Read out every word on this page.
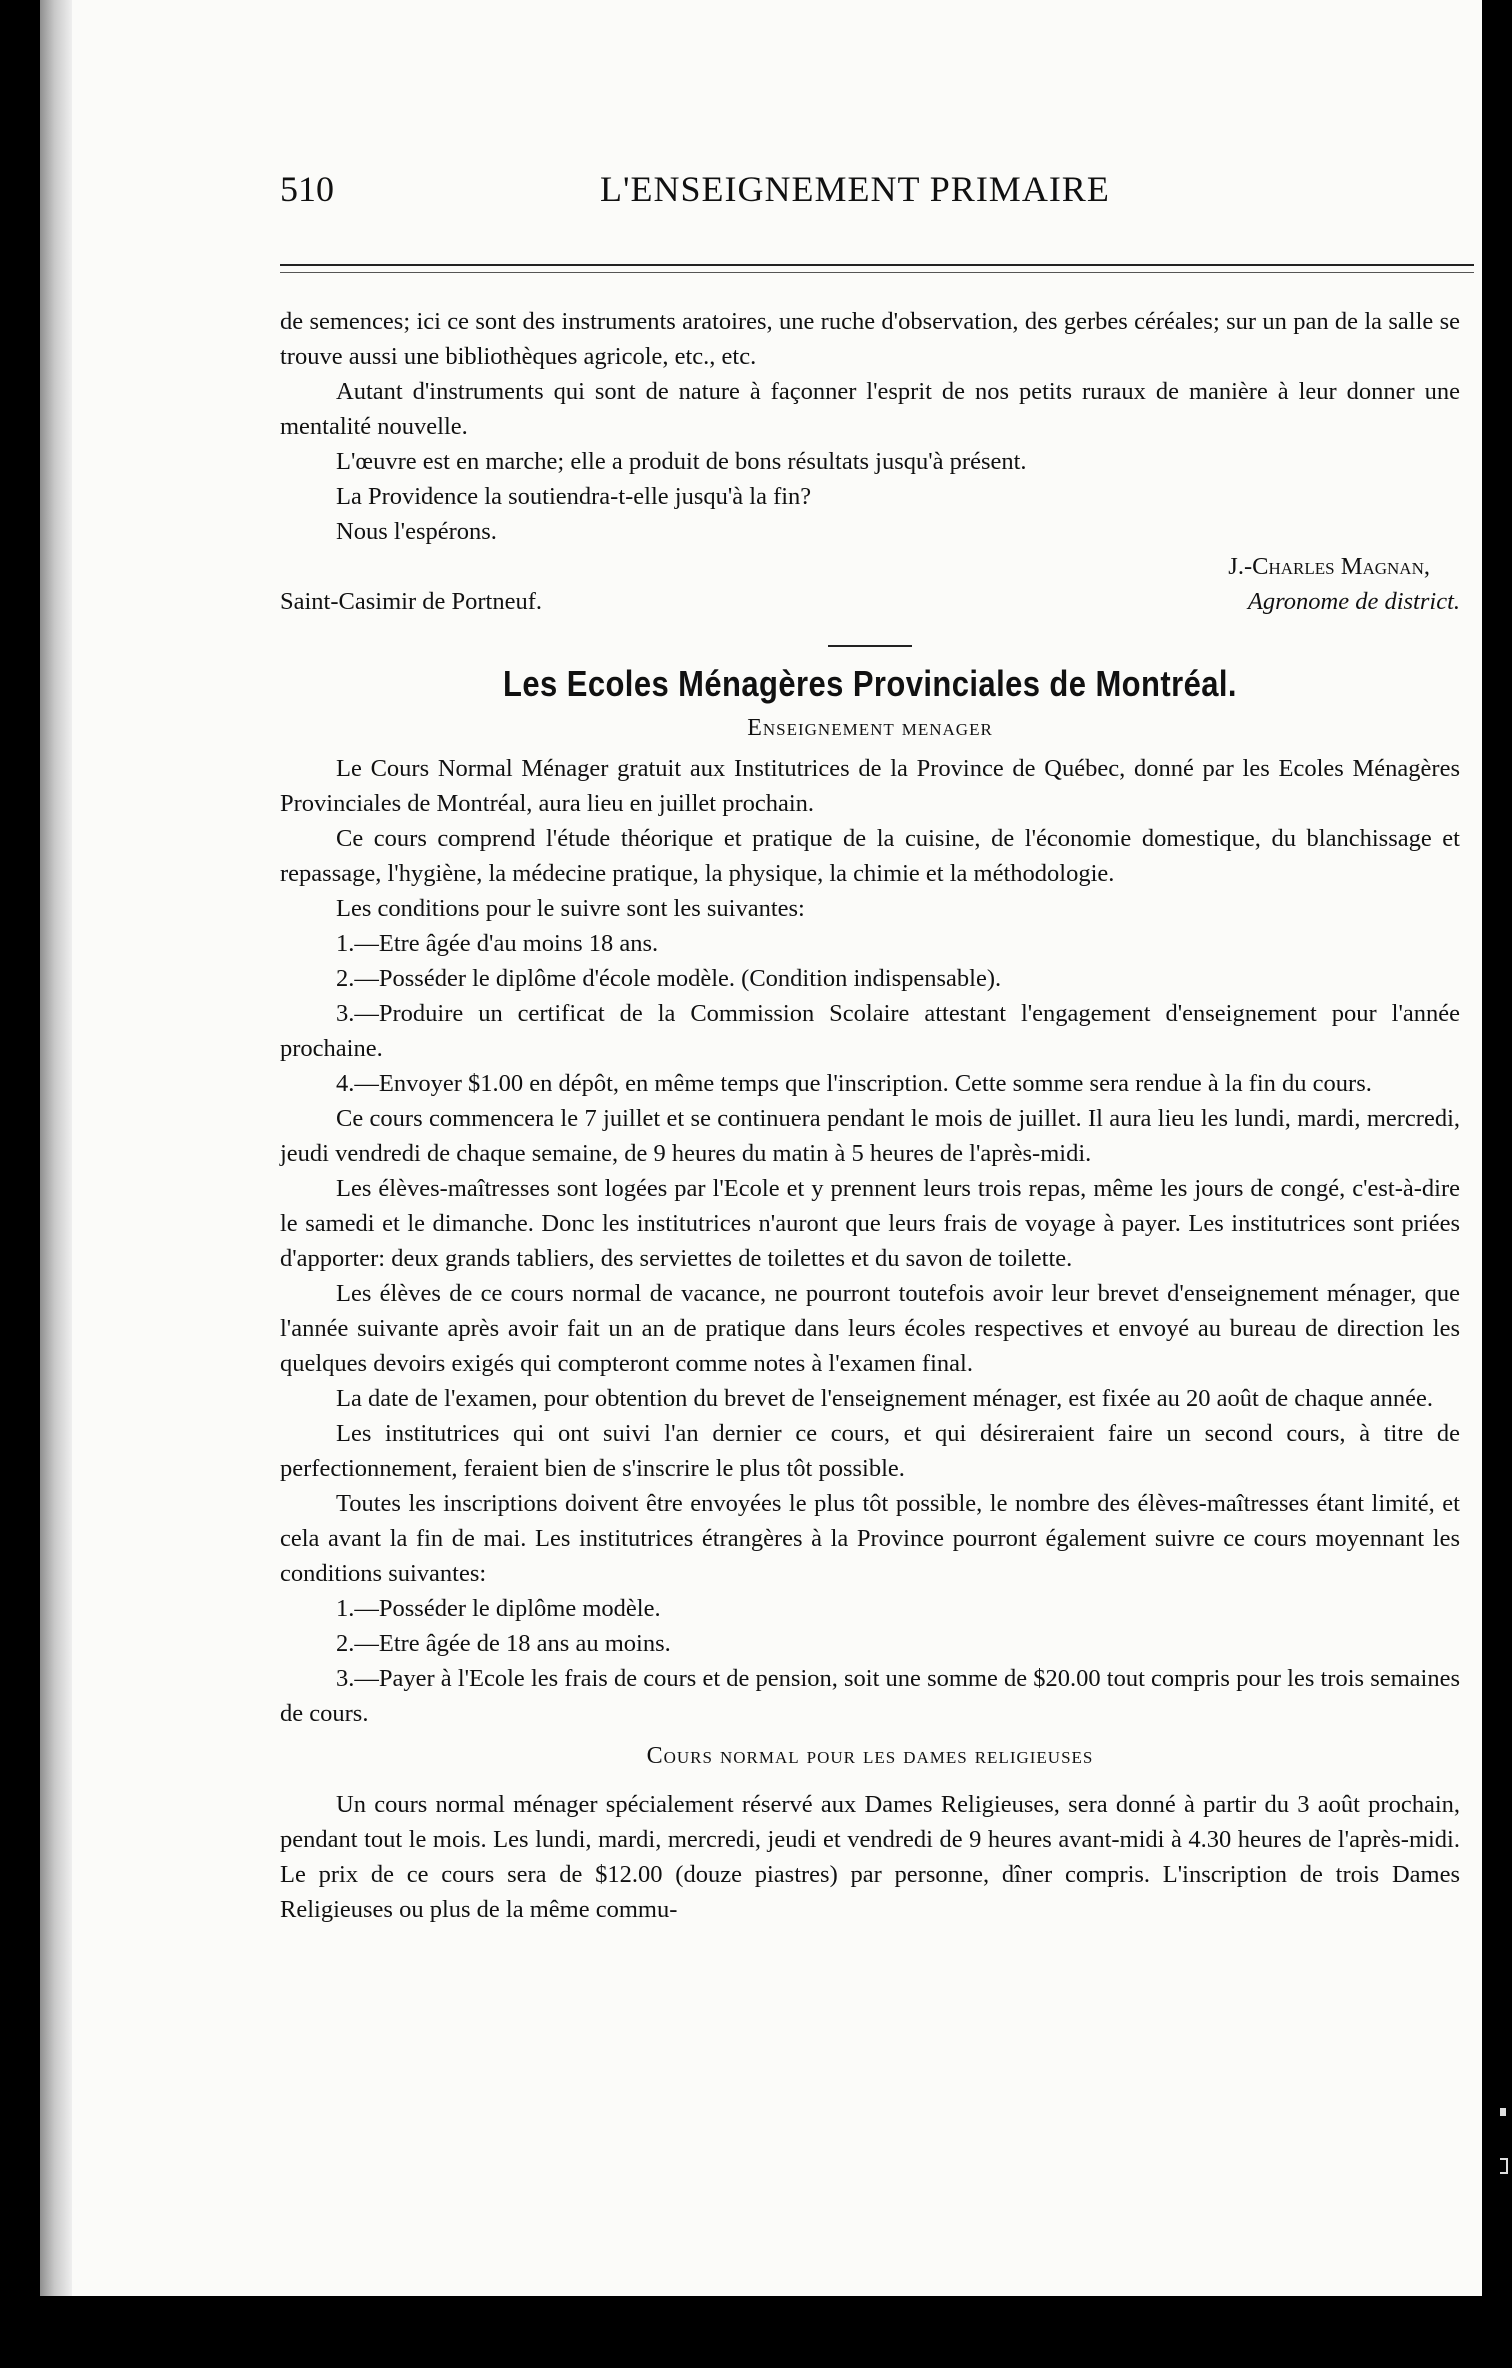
510	L'ENSEIGNEMENT PRIMAIRE

de semences; ici ce sont des instruments aratoires, une ruche d'observation, des gerbes céréales; sur un pan de la salle se trouve aussi une bibliothèques agricole, etc., etc.

Autant d'instruments qui sont de nature à façonner l'esprit de nos petits ruraux de manière à leur donner une mentalité nouvelle.

L'œuvre est en marche; elle a produit de bons résultats jusqu'à présent.

La Providence la soutiendra-t-elle jusqu'à la fin?

Nous l'espérons.

J.-Charles Magnan,
Saint-Casimir de Portneuf.	Agronome de district.
Les Ecoles Ménagères Provinciales de Montréal.
Enseignement menager

Le Cours Normal Ménager gratuit aux Institutrices de la Province de Québec, donné par les Ecoles Ménagères Provinciales de Montréal, aura lieu en juillet prochain.

Ce cours comprend l'étude théorique et pratique de la cuisine, de l'économie domestique, du blanchissage et repassage, l'hygiène, la médecine pratique, la physique, la chimie et la méthodologie.

Les conditions pour le suivre sont les suivantes:

1.—Etre âgée d'au moins 18 ans.

2.—Posséder le diplôme d'école modèle. (Condition indispensable).

3.—Produire un certificat de la Commission Scolaire attestant l'engagement d'enseignement pour l'année prochaine.

4.—Envoyer $1.00 en dépôt, en même temps que l'inscription. Cette somme sera rendue à la fin du cours.

Ce cours commencera le 7 juillet et se continuera pendant le mois de juillet. Il aura lieu les lundi, mardi, mercredi, jeudi vendredi de chaque semaine, de 9 heures du matin à 5 heures de l'après-midi.

Les élèves-maîtresses sont logées par l'Ecole et y prennent leurs trois repas, même les jours de congé, c'est-à-dire le samedi et le dimanche. Donc les institutrices n'auront que leurs frais de voyage à payer. Les institutrices sont priées d'apporter: deux grands tabliers, des serviettes de toilettes et du savon de toilette.

Les élèves de ce cours normal de vacance, ne pourront toutefois avoir leur brevet d'enseignement ménager, que l'année suivante après avoir fait un an de pratique dans leurs écoles respectives et envoyé au bureau de direction les quelques devoirs exigés qui compteront comme notes à l'examen final.

La date de l'examen, pour obtention du brevet de l'enseignement ménager, est fixée au 20 août de chaque année.

Les institutrices qui ont suivi l'an dernier ce cours, et qui désireraient faire un second cours, à titre de perfectionnement, feraient bien de s'inscrire le plus tôt possible.

Toutes les inscriptions doivent être envoyées le plus tôt possible, le nombre des élèves-maîtresses étant limité, et cela avant la fin de mai. Les institutrices étrangères à la Province pourront également suivre ce cours moyennant les conditions suivantes:

1.—Posséder le diplôme modèle.

2.—Etre âgée de 18 ans au moins.

3.—Payer à l'Ecole les frais de cours et de pension, soit une somme de $20.00 tout compris pour les trois semaines de cours.

Cours normal pour les dames religieuses

Un cours normal ménager spécialement réservé aux Dames Religieuses, sera donné à partir du 3 août prochain, pendant tout le mois. Les lundi, mardi, mercredi, jeudi et vendredi de 9 heures avant-midi à 4.30 heures de l'après-midi. Le prix de ce cours sera de $12.00 (douze piastres) par personne, dîner compris. L'inscription de trois Dames Religieuses ou plus de la même commu-
